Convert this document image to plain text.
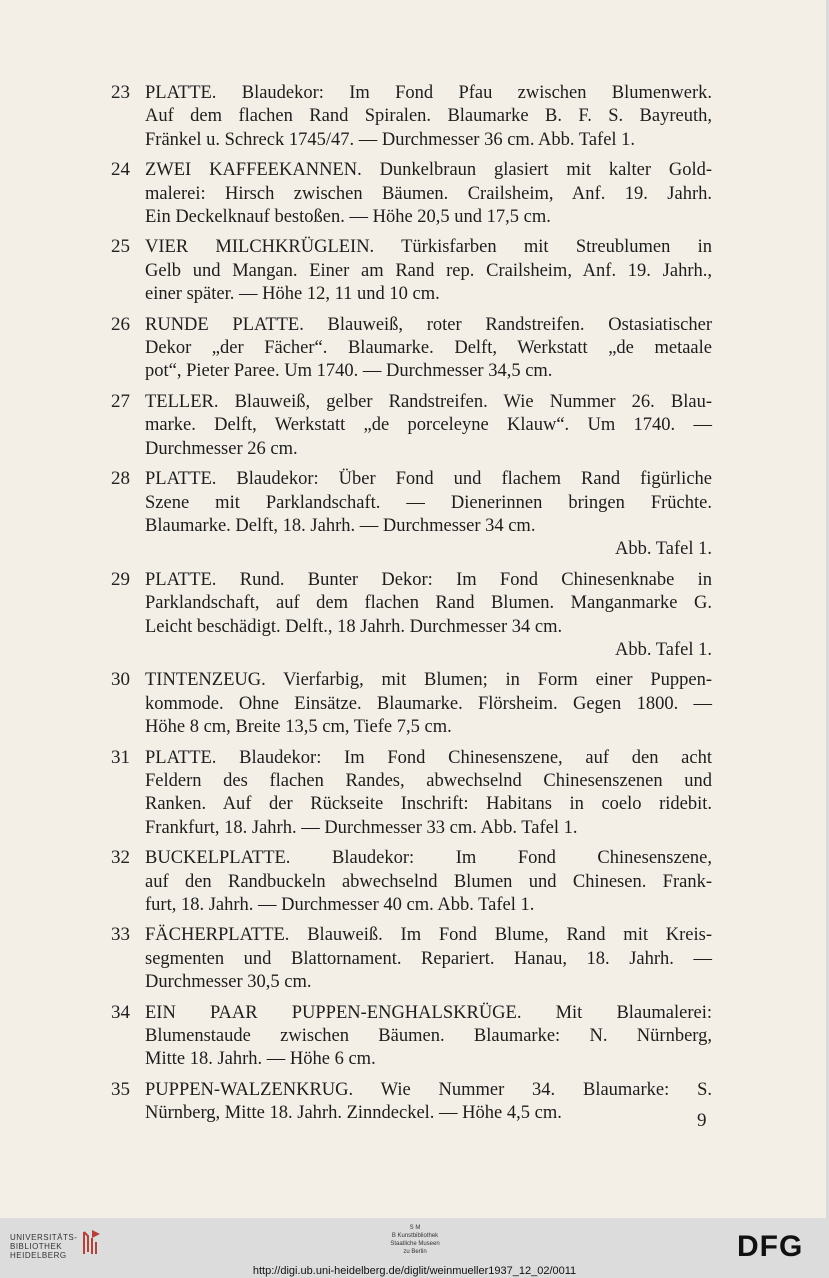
23 PLATTE. Blaudekor: Im Fond Pfau zwischen Blumenwerk.
Auf dem flachen Rand Spiralen. Blaumarke B. F. S. Bayreuth,
Fränkel u. Schreck 1745/47. — Durchmesser 36 cm. Abb. Tafel 1.
24 ZWEI KAFFEEKANNEN. Dunkelbraun glasiert mit kalter Gold-
malerei: Hirsch zwischen Bäumen. Crailsheim, Anf. 19. Jahrh.
Ein Deckelknauf bestoßen. — Höhe 20,5 und 17,5 cm.
25 VIER MILCHKRÜGLEIN. Türkisfarben mit Streublumen in
Gelb und Mangan. Einer am Rand rep. Crailsheim, Anf. 19. Jahrh.,
einer später. — Höhe 12, 11 und 10 cm.
26 RUNDE PLATTE. Blauweiß, roter Randstreifen. Ostasiatischer
Dekor „der Fächer“. Blaumarke. Delft, Werkstatt „de metaale
pot“, Pieter Paree. Um 1740. — Durchmesser 34,5 cm.
27 TELLER. Blauweiß, gelber Randstreifen. Wie Nummer 26. Blau-
marke. Delft, Werkstatt „de porceleyne Klauw“. Um 1740. —
Durchmesser 26 cm.
28 PLATTE. Blaudekor: Über Fond und flachem Rand figürliche
Szene mit Parklandschaft. — Dienerinnen bringen Früchte.
Blaumarke. Delft, 18. Jahrh. — Durchmesser 34 cm.
Abb. Tafel 1.
29 PLATTE. Rund. Bunter Dekor: Im Fond Chinesenknabe in
Parklandschaft, auf dem flachen Rand Blumen. Manganmarke G.
Leicht beschädigt. Delft., 18 Jahrh. Durchmesser 34 cm.
Abb. Tafel 1.
30 TINTENZEUG. Vierfarbig, mit Blumen; in Form einer Puppen-
kommode. Ohne Einsätze. Blaumarke. Flörsheim. Gegen 1800. —
Höhe 8 cm, Breite 13,5 cm, Tiefe 7,5 cm.
31 PLATTE. Blaudekor: Im Fond Chinesenszene, auf den acht
Feldern des flachen Randes, abwechselnd Chinesenszenen und
Ranken. Auf der Rückseite Inschrift: Habitans in coelo ridebit.
Frankfurt, 18. Jahrh. — Durchmesser 33 cm. Abb. Tafel 1.
32 BUCKELPLATTE. Blaudekor: Im Fond Chinesenszene,
auf den Randbuckeln abwechselnd Blumen und Chinesen. Frank-
furt, 18. Jahrh. — Durchmesser 40 cm. Abb. Tafel 1.
33 FÄCHERPLATTE. Blauweiß. Im Fond Blume, Rand mit Kreis-
segmenten und Blattornament. Repariert. Hanau, 18. Jahrh. —
Durchmesser 30,5 cm.
34 EIN PAAR PUPPEN-ENGHALSKRÜGE. Mit Blaumalerei:
Blumenstaude zwischen Bäumen. Blaumarke: N. Nürnberg,
Mitte 18. Jahrh. — Höhe 6 cm.
35 PUPPEN-WALZENKRUG. Wie Nummer 34. Blaumarke: S.
Nürnberg, Mitte 18. Jahrh. Zinndeckel. — Höhe 4,5 cm.	9
UNIVERSITÄTS-
BIBLIOTHEK
HEIDELBERG
S M
B Kunstbibliothek
Staatliche Museen
zu Berlin	DFG
http://digi.ub.uni-heidelberg.de/diglit/weinmueller1937_12_02/0011
